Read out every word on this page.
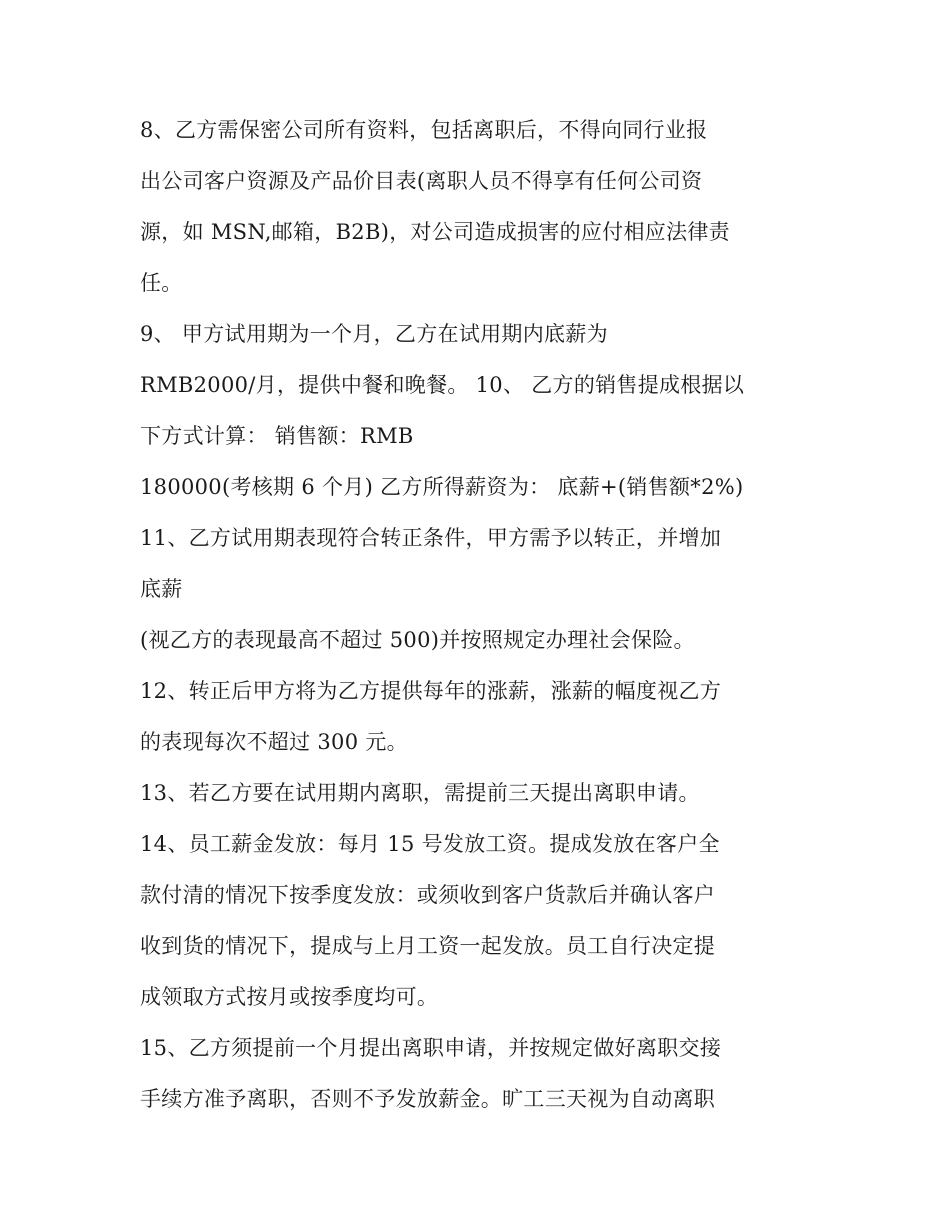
8、乙方需保密公司所有资料，包括离职后，不得向同行业报
出公司客户资源及产品价目表(离职人员不得享有任何公司资
源，如 MSN,邮箱，B2B)，对公司造成损害的应付相应法律责
任。
9、 甲方试用期为一个月，乙方在试用期内底薪为
RMB2000/月，提供中餐和晚餐。 10、 乙方的销售提成根据以
下方式计算： 销售额：RMB
180000(考核期 6 个月) 乙方所得薪资为： 底薪+(销售额*2%)
11、乙方试用期表现符合转正条件，甲方需予以转正，并增加
底薪
(视乙方的表现最高不超过 500)并按照规定办理社会保险。
12、转正后甲方将为乙方提供每年的涨薪，涨薪的幅度视乙方
的表现每次不超过 300 元。
13、若乙方要在试用期内离职，需提前三天提出离职申请。
14、员工薪金发放：每月 15 号发放工资。提成发放在客户全
款付清的情况下按季度发放：或须收到客户货款后并确认客户
收到货的情况下，提成与上月工资一起发放。员工自行决定提
成领取方式按月或按季度均可。
15、乙方须提前一个月提出离职申请，并按规定做好离职交接
手续方准予离职，否则不予发放薪金。旷工三天视为自动离职
